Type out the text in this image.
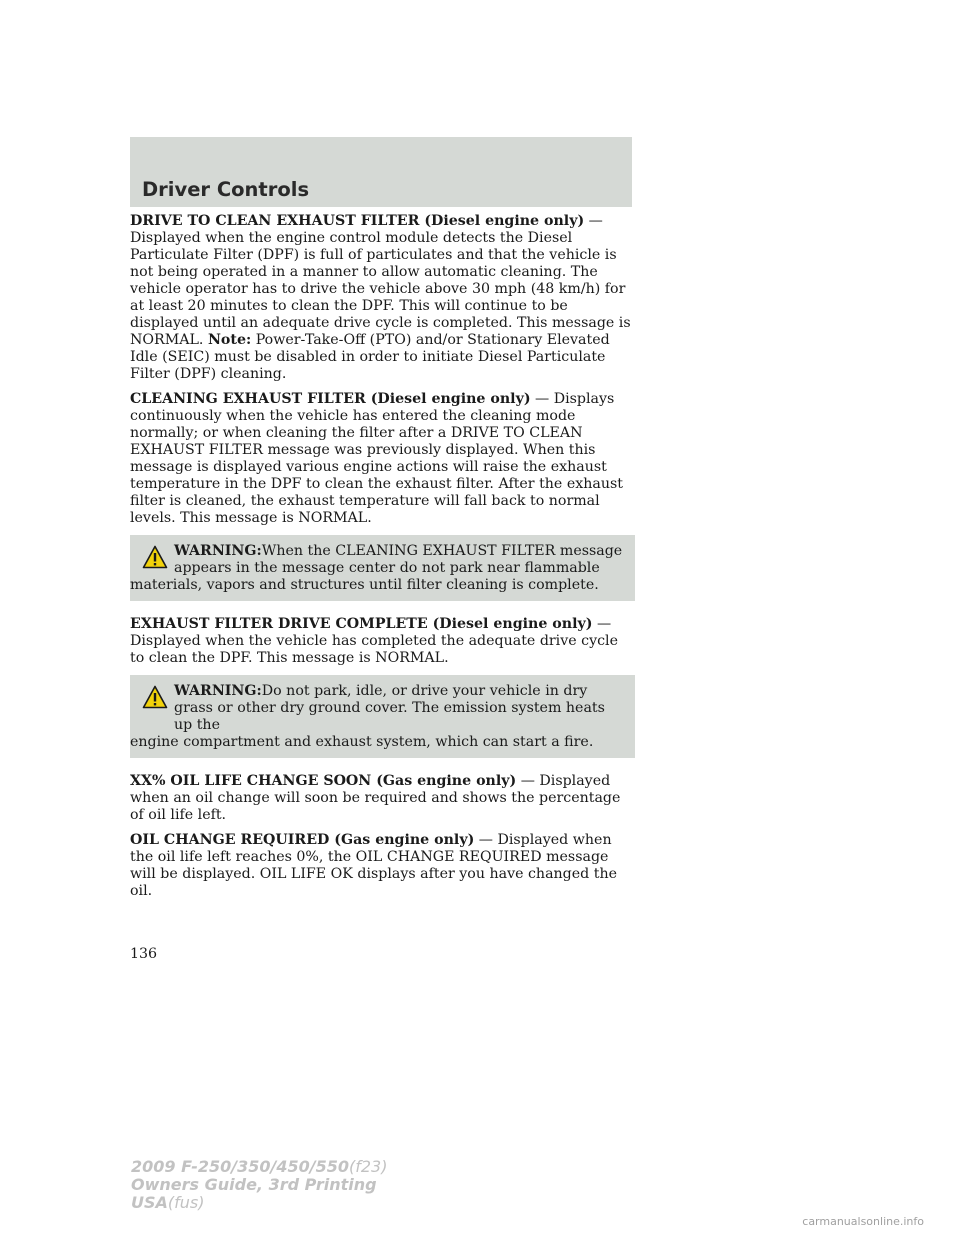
Driver Controls

DRIVE TO CLEAN EXHAUST FILTER (Diesel engine only) — Displayed when the engine control module detects the Diesel Particulate Filter (DPF) is full of particulates and that the vehicle is not being operated in a manner to allow automatic cleaning. The vehicle operator has to drive the vehicle above 30 mph (48 km/h) for at least 20 minutes to clean the DPF. This will continue to be displayed until an adequate drive cycle is completed. This message is NORMAL. Note: Power-Take-Off (PTO) and/or Stationary Elevated Idle (SEIC) must be disabled in order to initiate Diesel Particulate Filter (DPF) cleaning.

CLEANING EXHAUST FILTER (Diesel engine only) — Displays continuously when the vehicle has entered the cleaning mode normally; or when cleaning the filter after a DRIVE TO CLEAN EXHAUST FILTER message was previously displayed. When this message is displayed various engine actions will raise the exhaust temperature in the DPF to clean the exhaust filter. After the exhaust filter is cleaned, the exhaust temperature will fall back to normal levels. This message is NORMAL.

WARNING:When the CLEANING EXHAUST FILTER message appears in the message center do not park near flammable
materials, vapors and structures until filter cleaning is complete.

EXHAUST FILTER DRIVE COMPLETE (Diesel engine only) — Displayed when the vehicle has completed the adequate drive cycle to clean the DPF. This message is NORMAL.

WARNING:Do not park, idle, or drive your vehicle in dry grass or other dry ground cover. The emission system heats up the
engine compartment and exhaust system, which can start a fire.

XX% OIL LIFE CHANGE SOON (Gas engine only) — Displayed when an oil change will soon be required and shows the percentage of oil life left.

OIL CHANGE REQUIRED (Gas engine only) — Displayed when the oil life left reaches 0%, the OIL CHANGE REQUIRED message will be displayed. OIL LIFE OK displays after you have changed the oil.

136

2009 F-250/350/450/550(f23)
Owners Guide, 3rd Printing
USA(fus)
carmanualsonline.info
